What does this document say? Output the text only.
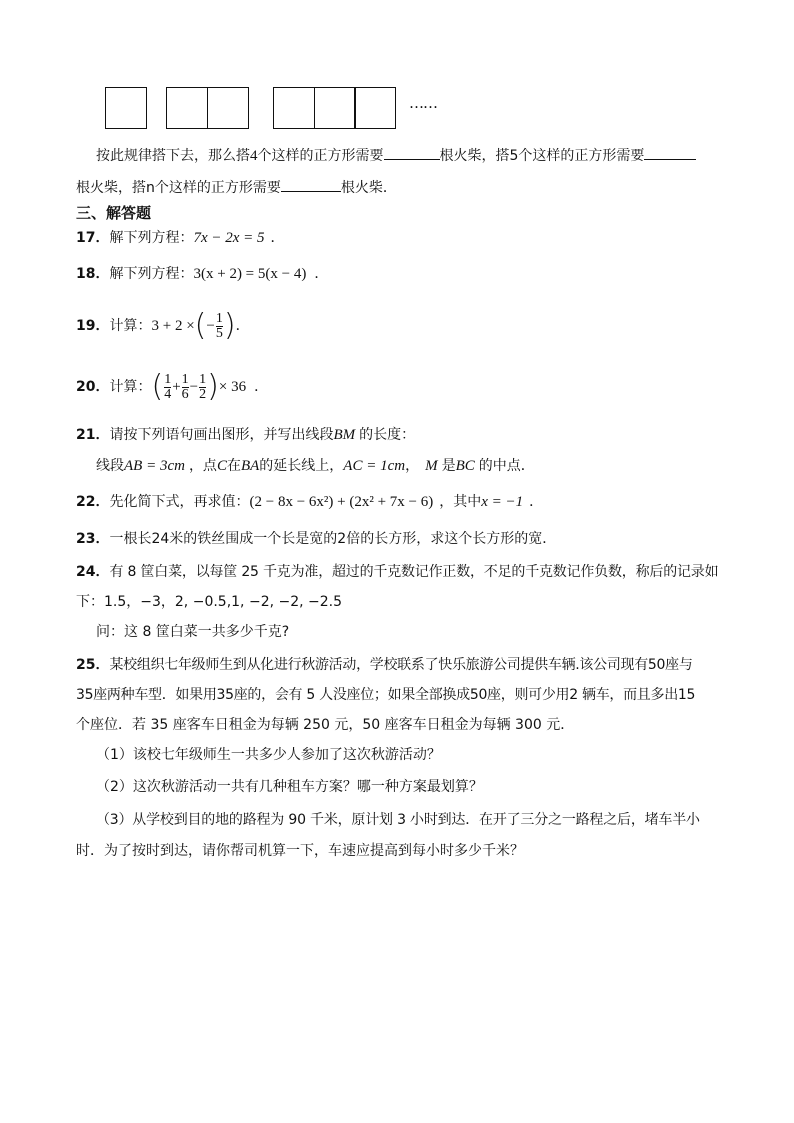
……
按此规律搭下去，那么搭4个这样的正方形需要	根火柴，搭5个这样的正方形需要
根火柴，搭n个这样的正方形需要	根火柴．
三、解答题
17．解下列方程：7x − 2x = 5 ．
18．解下列方程：3(x + 2) = 5(x − 4) ．
19．计算：3 + 2 ×(− $\frac{1}{5}$ )．
20．计算：( $\frac{1}{4} + \frac{1}{6} - \frac{1}{2}$ )× 36 ．
21．请按下列语句画出图形，并写出线段BM 的长度：
线段AB = 3cm ，点C在BA的延长线上，AC = 1cm， M 是BC 的中点．
22．先化简下式，再求值：(2 − 8x − 6x²) + (2x² + 7x − 6) ，其中x = −1 ．
23．一根长24米的铁丝围成一个长是宽的2倍的长方形，求这个长方形的宽．
24．有 8 筐白菜，以每筐 25 千克为准，超过的千克数记作正数，不足的千克数记作负数，称后的记录如
下：1.5，−3，2, −0.5,1, −2, −2, −2.5
问：这 8 筐白菜一共多少千克?
25．某校组织七年级师生到从化进行秋游活动，学校联系了快乐旅游公司提供车辆.该公司现有50座与
35座两种车型．如果用35座的，会有 5 人没座位；如果全部换成50座，则可少用2 辆车，而且多出15
个座位．若 35 座客车日租金为每辆 250 元，50 座客车日租金为每辆 300 元．
（1）该校七年级师生一共多少人参加了这次秋游活动？
（2）这次秋游活动一共有几种租车方案？哪一种方案最划算？
（3）从学校到目的地的路程为 90 千米，原计划 3 小时到达．在开了三分之一路程之后，堵车半小
时．为了按时到达，请你帮司机算一下，车速应提高到每小时多少千米？
